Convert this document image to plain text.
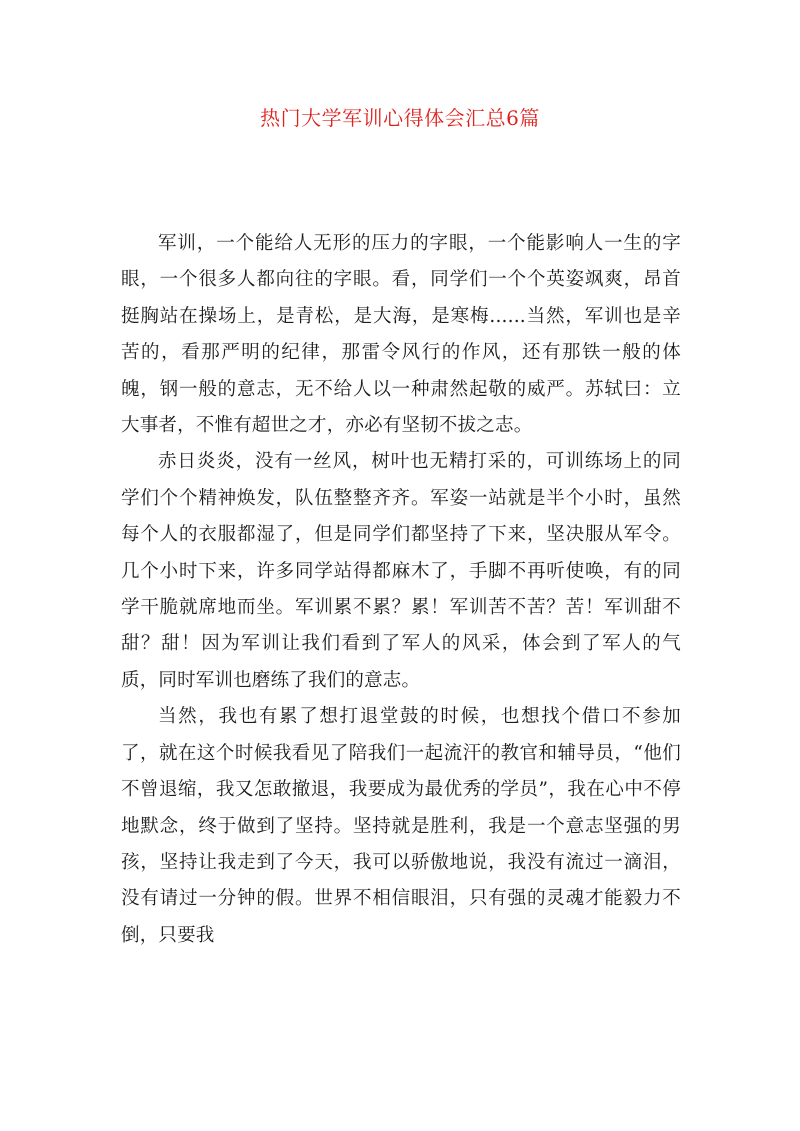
热门大学军训心得体会汇总6篇

军训，一个能给人无形的压力的字眼，一个能影响人一生的字眼，一个很多人都向往的字眼。看，同学们一个个英姿飒爽，昂首挺胸站在操场上，是青松，是大海，是寒梅......当然，军训也是辛苦的，看那严明的纪律，那雷令风行的作风，还有那铁一般的体魄，钢一般的意志，无不给人以一种肃然起敬的威严。苏轼曰：立大事者，不惟有超世之才，亦必有坚韧不拔之志。

赤日炎炎，没有一丝风，树叶也无精打采的，可训练场上的同学们个个精神焕发，队伍整整齐齐。军姿一站就是半个小时，虽然每个人的衣服都湿了，但是同学们都坚持了下来，坚决服从军令。几个小时下来，许多同学站得都麻木了，手脚不再听使唤，有的同学干脆就席地而坐。军训累不累？累！军训苦不苦？苦！军训甜不甜？甜！因为军训让我们看到了军人的风采，体会到了军人的气质，同时军训也磨练了我们的意志。

当然，我也有累了想打退堂鼓的时候，也想找个借口不参加了，就在这个时候我看见了陪我们一起流汗的教官和辅导员，“他们不曾退缩，我又怎敢撤退，我要成为最优秀的学员”，我在心中不停地默念，终于做到了坚持。坚持就是胜利，我是一个意志坚强的男孩，坚持让我走到了今天，我可以骄傲地说，我没有流过一滴泪，没有请过一分钟的假。世界不相信眼泪，只有强的灵魂才能毅力不倒，只要我
